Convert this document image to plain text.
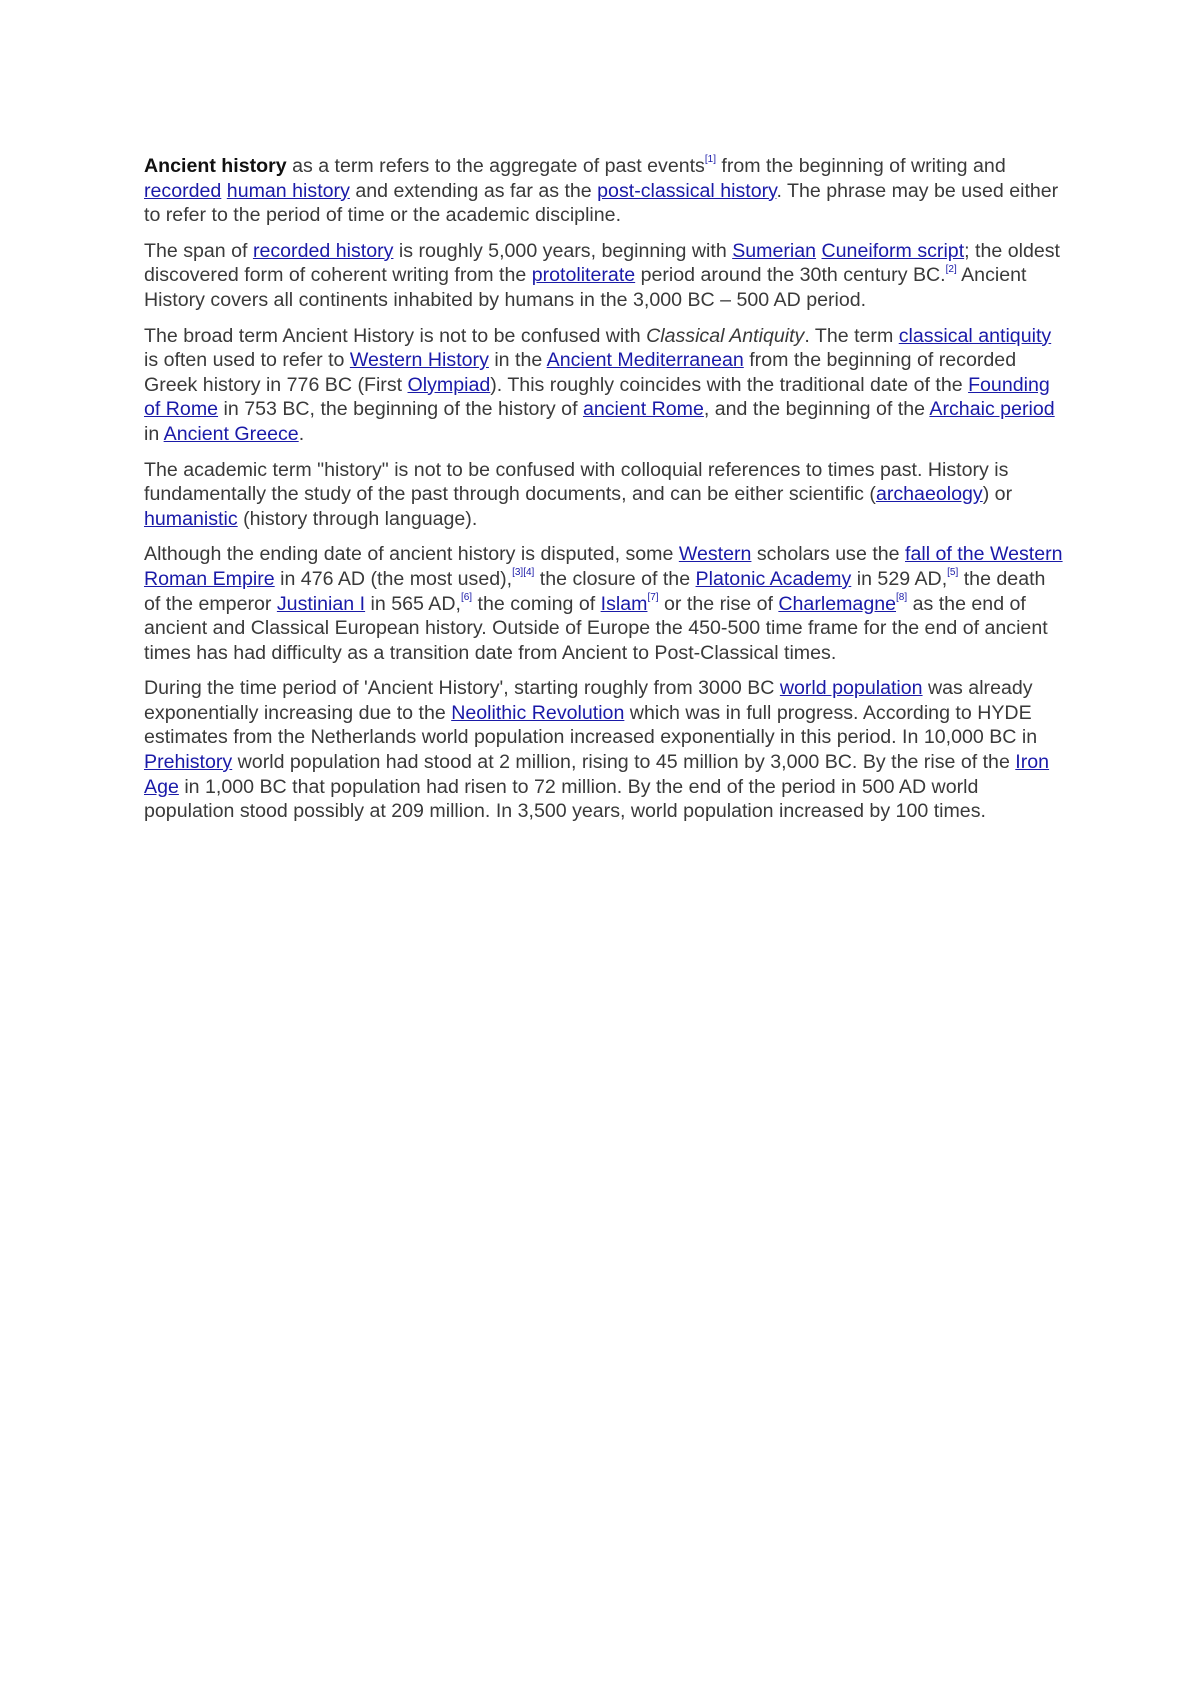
Ancient history as a term refers to the aggregate of past events[1] from the beginning of writing and recorded human history and extending as far as the post-classical history. The phrase may be used either to refer to the period of time or the academic discipline.

The span of recorded history is roughly 5,000 years, beginning with Sumerian Cuneiform script; the oldest discovered form of coherent writing from the protoliterate period around the 30th century BC.[2] Ancient History covers all continents inhabited by humans in the 3,000 BC – 500 AD period.

The broad term Ancient History is not to be confused with Classical Antiquity. The term classical antiquity is often used to refer to Western History in the Ancient Mediterranean from the beginning of recorded Greek history in 776 BC (First Olympiad). This roughly coincides with the traditional date of the Founding of Rome in 753 BC, the beginning of the history of ancient Rome, and the beginning of the Archaic period in Ancient Greece.

The academic term "history" is not to be confused with colloquial references to times past. History is fundamentally the study of the past through documents, and can be either scientific (archaeology) or humanistic (history through language).

Although the ending date of ancient history is disputed, some Western scholars use the fall of the Western Roman Empire in 476 AD (the most used),[3][4] the closure of the Platonic Academy in 529 AD,[5] the death of the emperor Justinian I in 565 AD,[6] the coming of Islam[7] or the rise of Charlemagne[8] as the end of ancient and Classical European history. Outside of Europe the 450-500 time frame for the end of ancient times has had difficulty as a transition date from Ancient to Post-Classical times.

During the time period of 'Ancient History', starting roughly from 3000 BC world population was already exponentially increasing due to the Neolithic Revolution which was in full progress. According to HYDE estimates from the Netherlands world population increased exponentially in this period. In 10,000 BC in Prehistory world population had stood at 2 million, rising to 45 million by 3,000 BC. By the rise of the Iron Age in 1,000 BC that population had risen to 72 million. By the end of the period in 500 AD world population stood possibly at 209 million. In 3,500 years, world population increased by 100 times.
